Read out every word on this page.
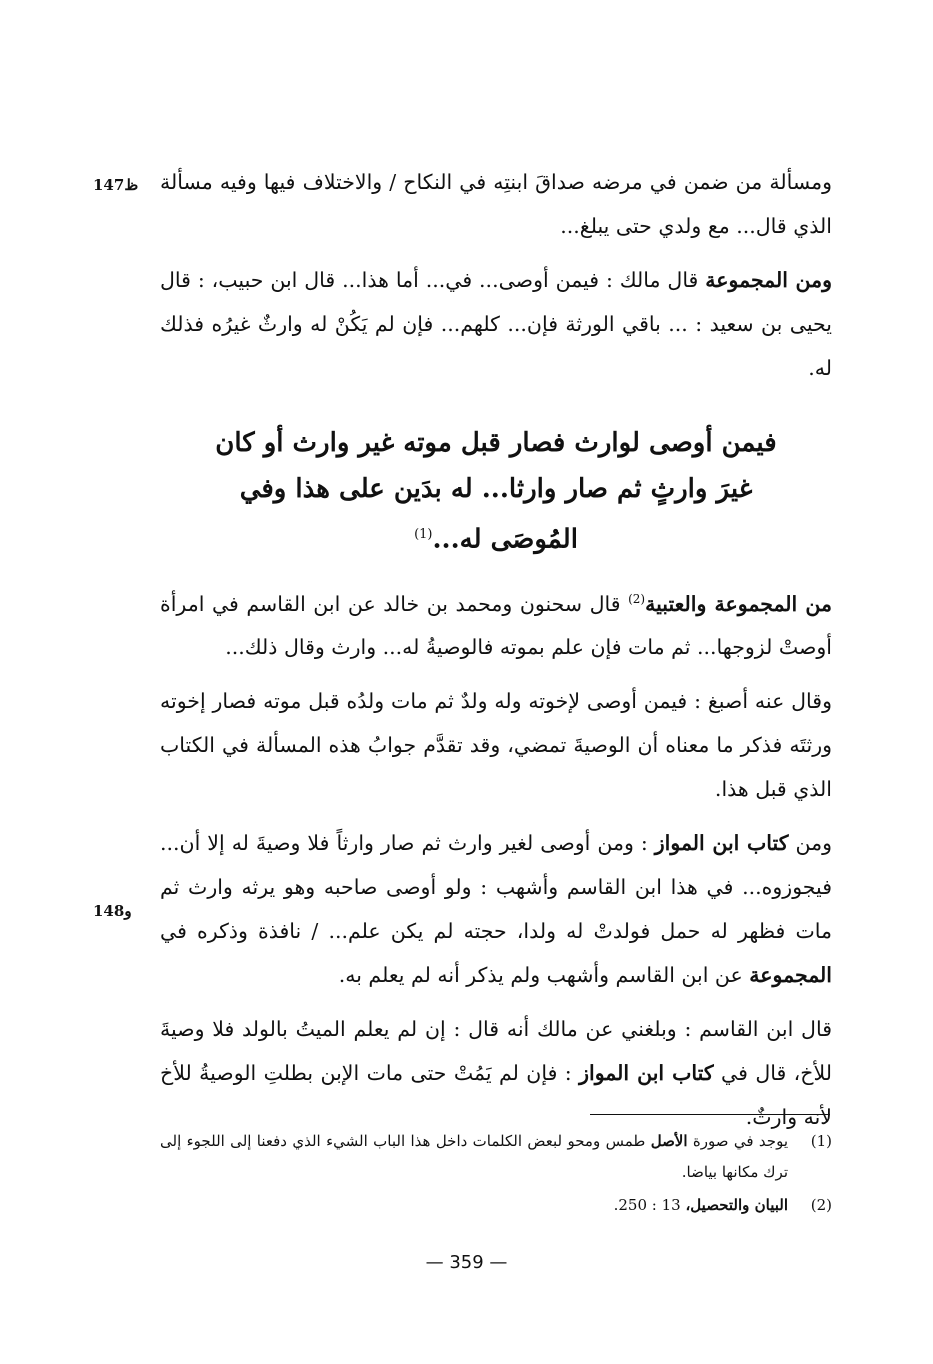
147ظ
148و

ومسألة من ضمن في مرضه صداقَ ابنتِه في النكاح / والاختلاف فيها وفيه مسألة الذي قال... مع ولدي حتى يبلغ...

ومن المجموعة قال مالك : فيمن أوصى... في... أما هذا... قال ابن حبيب، : قال يحيى بن سعيد : ... باقي الورثة فإن... كلهم... فإن لم يَكُنْ له وارثٌ غيرُه فذلك له.

فيمن أوصى لوارث فصار قبل موته غير وارث أو كان غيرَ وارثٍ ثم صار وارثا... له بدَين على هذا وفي المُوصَى له...$^{(1)}$

من المجموعة والعتبية$^{(2)}$ قال سحنون ومحمد بن خالد عن ابن القاسم في امرأة أوصتْ لزوجها... ثم مات فإن علم بموته فالوصيةُ له... وارث وقال ذلك...

وقال عنه أصبغ : فيمن أوصى لإخوته وله ولدٌ ثم مات ولدُه قبل موته فصار إخوته ورثتَه فذكر ما معناه أن الوصيةَ تمضي، وقد تقدَّم جوابُ هذه المسألة في الكتاب الذي قبل هذا.

ومن كتاب ابن المواز : ومن أوصى لغير وارث ثم صار وارثاً فلا وصيةَ له إلا أن... فيجوزوه... في هذا ابن القاسم وأشهب : ولو أوصى صاحبه وهو يرثه وارث ثم مات فظهر له حمل فولدتْ له ولدا، حجته لم يكن علم... / نافذة وذكره في المجموعة عن ابن القاسم وأشهب ولم يذكر أنه لم يعلم به.

قال ابن القاسم : وبلغني عن مالك أنه قال : إن لم يعلم الميتُ بالولد فلا وصيةَ للأخ، قال في كتاب ابن المواز : فإن لم يَمُتْ حتى مات الإبن بطلتِ الوصيةُ للأخ لأنه وارثٌ.

(1)
يوجد في صورة الأصل طمس ومحو لبعض الكلمات داخل هذا الباب الشيء الذي دفعنا إلى اللجوء إلى ترك مكانها بياضا.
(2)
البيان والتحصيل، 13 : 250.
— 359 —
